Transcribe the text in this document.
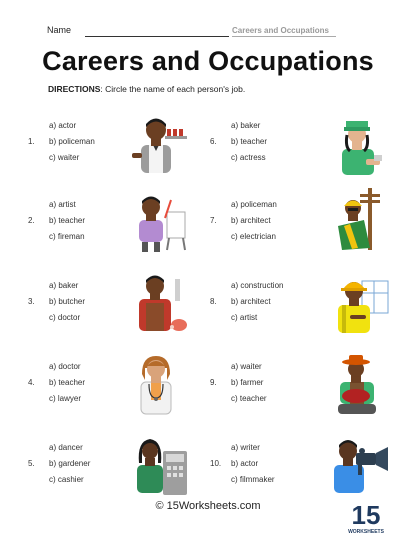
Name	Careers and Occupations
Careers and Occupations
DIRECTIONS: Circle the name of each person's job.
1.
a) actor
b) policeman
c) waiter
2.
a) artist
b) teacher
c) fireman
3.
a) baker
b) butcher
c) doctor
4.
a) doctor
b) teacher
c) lawyer
5.
a) dancer
b) gardener
c) cashier
6.
a) baker
b) teacher
c) actress
7.
a) policeman
b) architect
c) electrician
8.
a) construction
b) architect
c) artist
9.
a) waiter
b) farmer
c) teacher
10.
a) writer
b) actor
c) filmmaker
© 15Worksheets.com	15
WORKSHEETS
